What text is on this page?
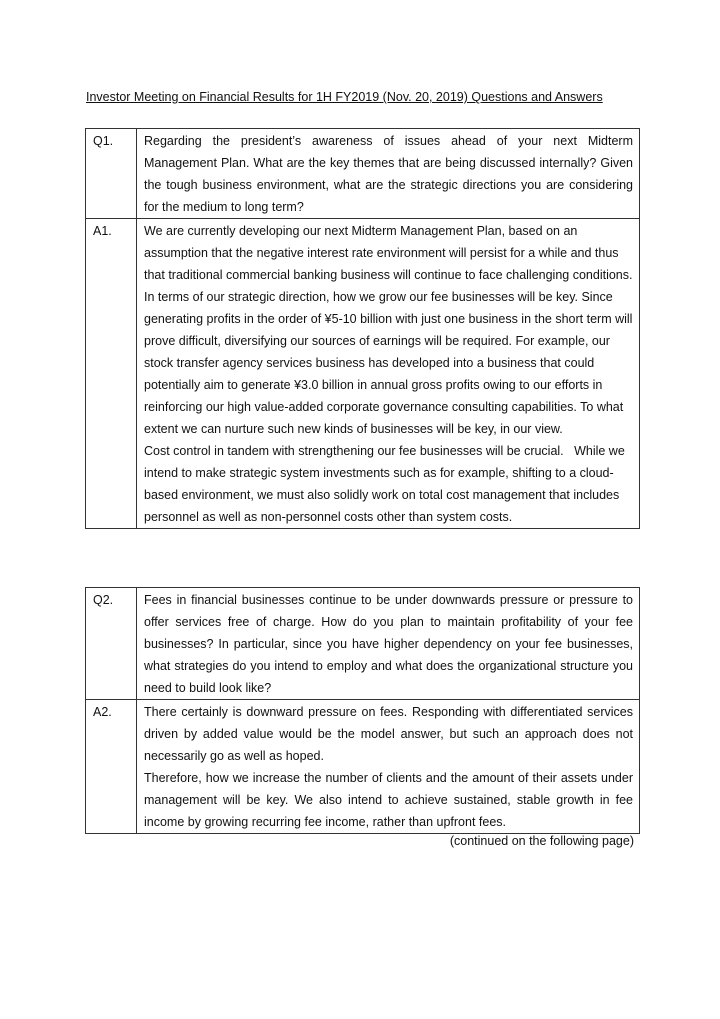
Investor Meeting on Financial Results for 1H FY2019 (Nov. 20, 2019) Questions and Answers
Q1.	Regarding the president’s awareness of issues ahead of your next Midterm Management Plan. What are the key themes that are being discussed internally? Given the tough business environment, what are the strategic directions you are considering for the medium to long term?
A1.	We are currently developing our next Midterm Management Plan, based on an assumption that the negative interest rate environment will persist for a while and thus that traditional commercial banking business will continue to face challenging conditions.
In terms of our strategic direction, how we grow our fee businesses will be key. Since generating profits in the order of ¥5-10 billion with just one business in the short term will prove difficult, diversifying our sources of earnings will be required. For example, our stock transfer agency services business has developed into a business that could potentially aim to generate ¥3.0 billion in annual gross profits owing to our efforts in reinforcing our high value-added corporate governance consulting capabilities. To what extent we can nurture such new kinds of businesses will be key, in our view.
Cost control in tandem with strengthening our fee businesses will be crucial.   While we intend to make strategic system investments such as for example, shifting to a cloud-based environment, we must also solidly work on total cost management that includes personnel as well as non-personnel costs other than system costs.
Q2.	Fees in financial businesses continue to be under downwards pressure or pressure to offer services free of charge. How do you plan to maintain profitability of your fee businesses? In particular, since you have higher dependency on your fee businesses, what strategies do you intend to employ and what does the organizational structure you need to build look like?
A2.	There certainly is downward pressure on fees. Responding with differentiated services driven by added value would be the model answer, but such an approach does not necessarily go as well as hoped.
Therefore, how we increase the number of clients and the amount of their assets under management will be key. We also intend to achieve sustained, stable growth in fee income by growing recurring fee income, rather than upfront fees.
(continued on the following page)
